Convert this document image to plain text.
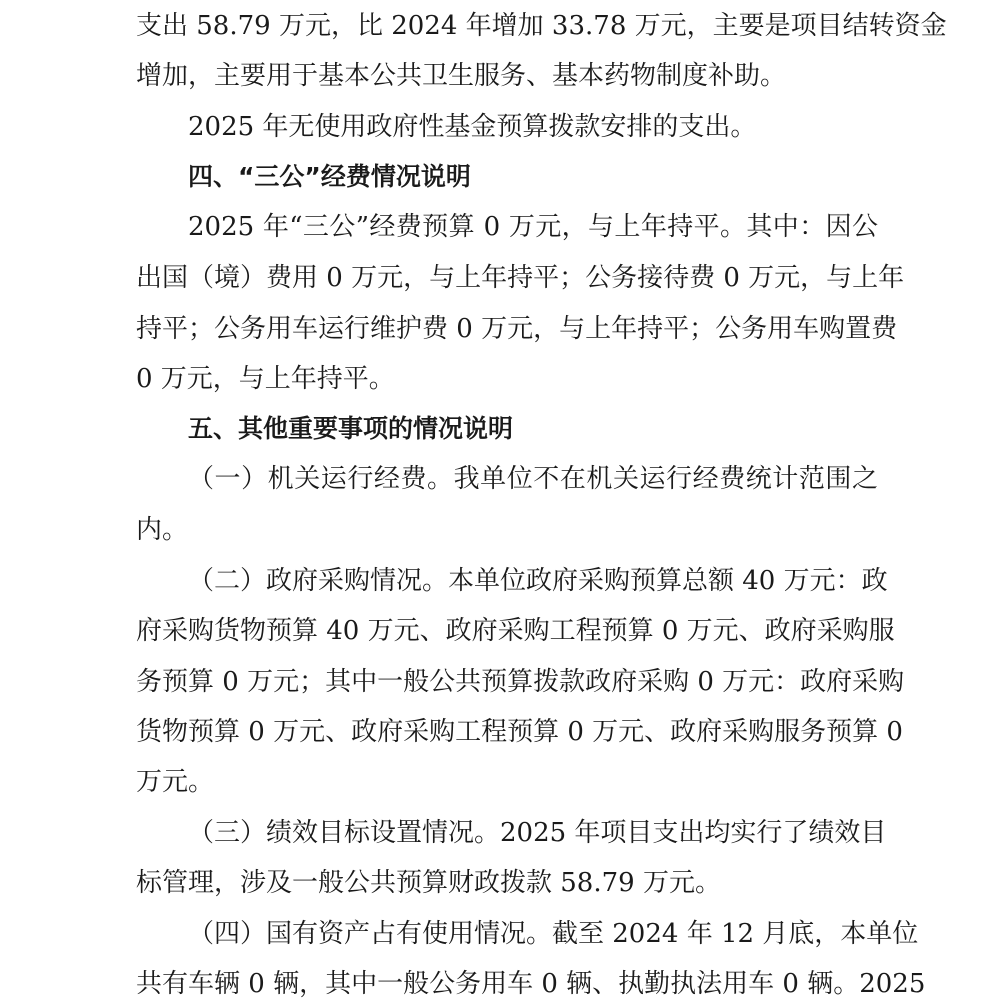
支出 58.79 万元，比 2024 年增加 33.78 万元，主要是项目结转资金
增加，主要用于基本公共卫生服务、基本药物制度补助。
2025 年无使用政府性基金预算拨款安排的支出。
四、“三公”经费情况说明
2025 年“三公”经费预算 0 万元，与上年持平。其中：因公
出国（境）费用 0 万元，与上年持平；公务接待费 0 万元，与上年
持平；公务用车运行维护费 0 万元，与上年持平；公务用车购置费
0 万元，与上年持平。
五、其他重要事项的情况说明
（一）机关运行经费。我单位不在机关运行经费统计范围之
内。
（二）政府采购情况。本单位政府采购预算总额 40 万元：政
府采购货物预算 40 万元、政府采购工程预算 0 万元、政府采购服
务预算 0 万元；其中一般公共预算拨款政府采购 0 万元：政府采购
货物预算 0 万元、政府采购工程预算 0 万元、政府采购服务预算 0
万元。
（三）绩效目标设置情况。2025 年项目支出均实行了绩效目
标管理，涉及一般公共预算财政拨款 58.79 万元。
（四）国有资产占有使用情况。截至 2024 年 12 月底，本单位
共有车辆 0 辆，其中一般公务用车 0 辆、执勤执法用车 0 辆。2025
